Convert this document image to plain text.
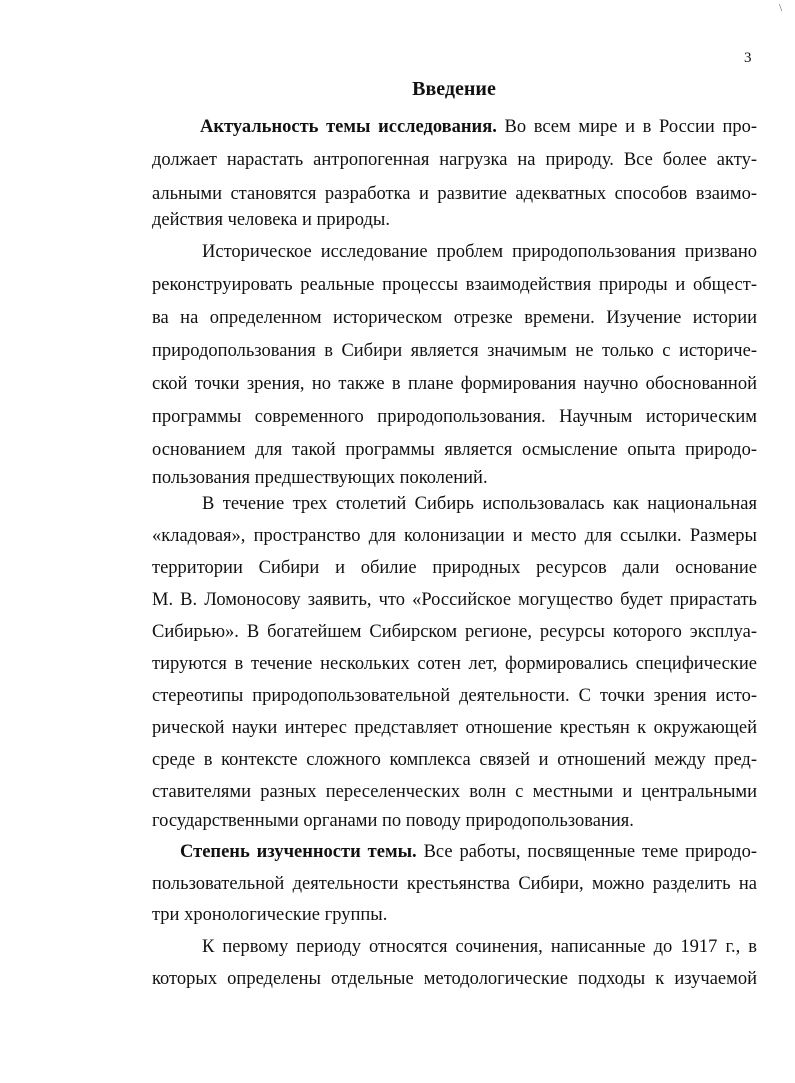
\
3
Введение
Актуальность темы исследования. Во всем мире и в России про-
должает нарастать антропогенная нагрузка на природу. Все более акту-
альными становятся разработка и развитие адекватных способов взаимо-
действия человека и природы.
Историческое исследование проблем природопользования призвано
реконструировать реальные процессы взаимодействия природы и общест-
ва на определенном историческом отрезке времени. Изучение истории
природопользования в Сибири является значимым не только с историче-
ской точки зрения, но также в плане формирования научно обоснованной
программы современного природопользования. Научным историческим
основанием для такой программы является осмысление опыта природо-
пользования предшествующих поколений.
В течение трех столетий Сибирь использовалась как национальная
«кладовая», пространство для колонизации и место для ссылки. Размеры
территории Сибири и обилие природных ресурсов дали основание
М. В. Ломоносову заявить, что «Российское могущество будет прирастать
Сибирью». В богатейшем Сибирском регионе, ресурсы которого эксплуа-
тируются в течение нескольких сотен лет, формировались специфические
стереотипы природопользовательной деятельности. С точки зрения исто-
рической науки интерес представляет отношение крестьян к окружающей
среде в контексте сложного комплекса связей и отношений между пред-
ставителями разных переселенческих волн с местными и центральными
государственными органами по поводу природопользования.
Степень изученности темы. Все работы, посвященные теме природо-
пользовательной деятельности крестьянства Сибири, можно разделить на
три хронологические группы.
К первому периоду относятся сочинения, написанные до 1917 г., в
которых определены отдельные методологические подходы к изучаемой
